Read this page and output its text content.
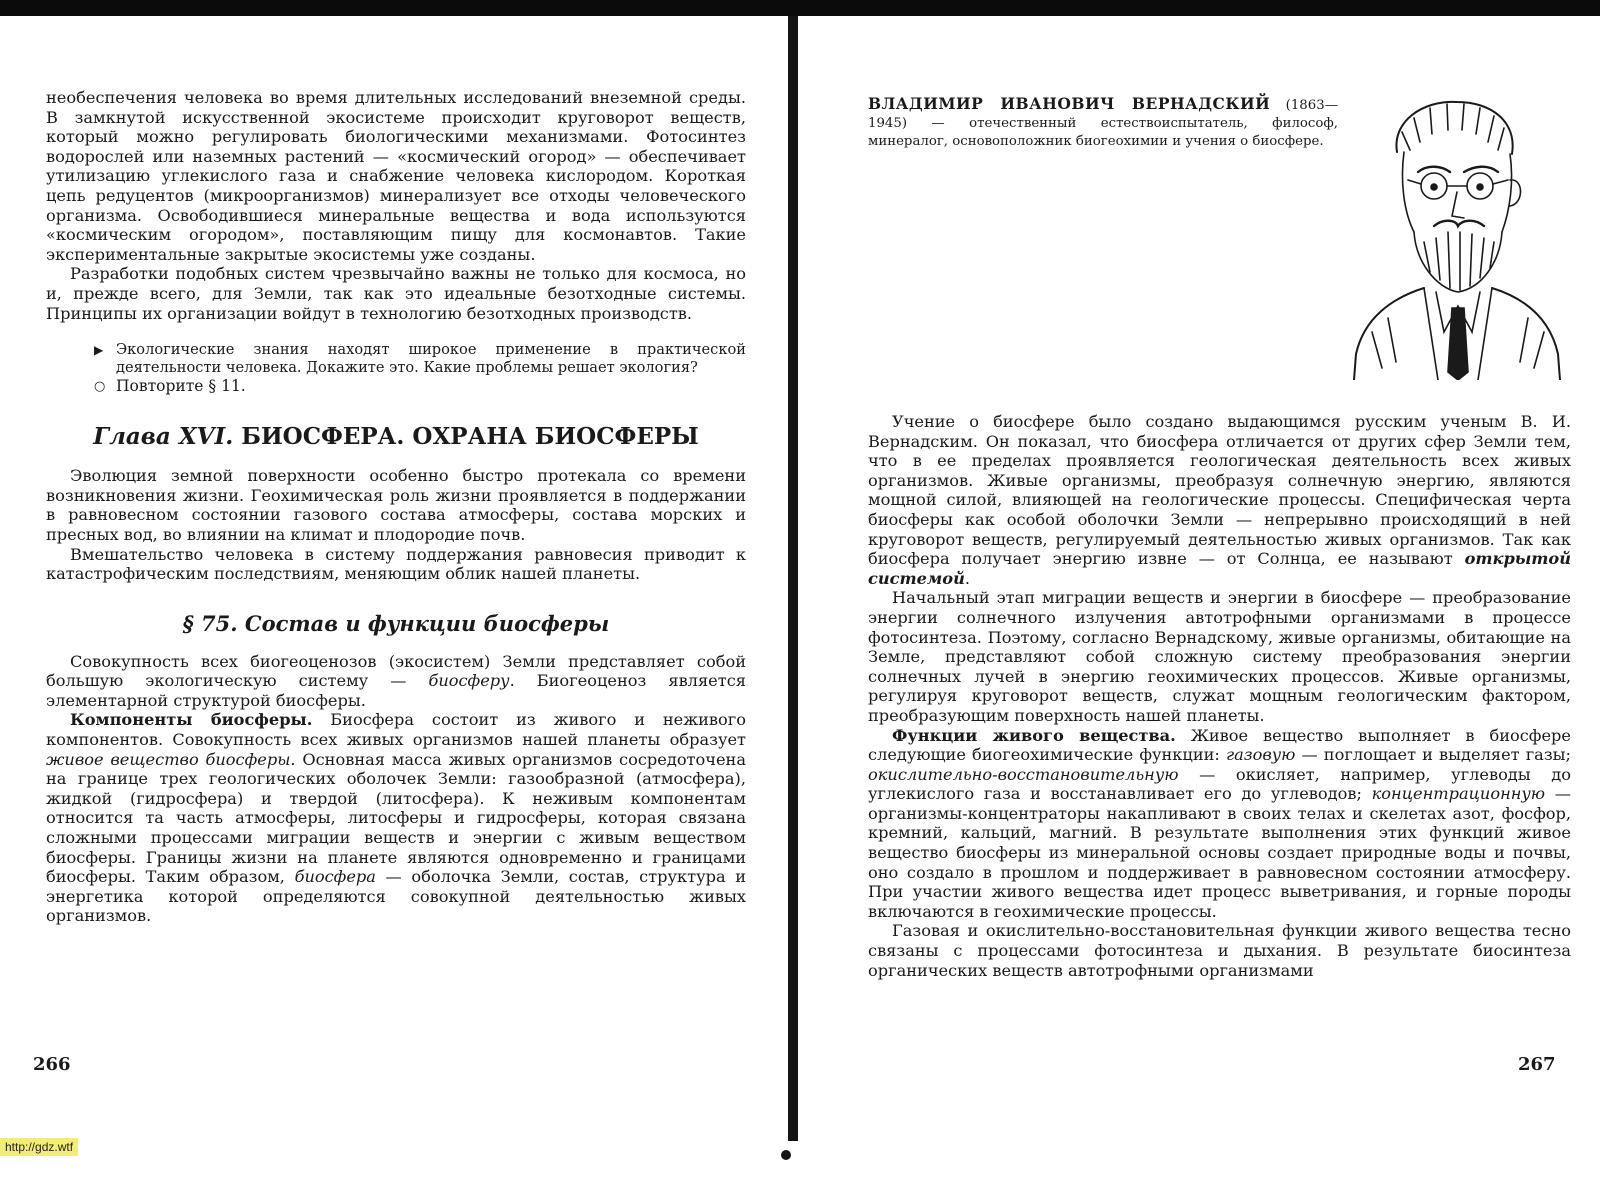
необеспечения человека во время длительных исследований внеземной среды. В замкнутой искусственной экосистеме происходит круговорот веществ, который можно регулировать биологическими механизмами. Фотосинтез водорослей или наземных растений — «космический огород» — обеспечивает утилизацию углекислого газа и снабжение человека кислородом. Короткая цепь редуцентов (микроорганизмов) минерализует все отходы человеческого организма. Освободившиеся минеральные вещества и вода используются «космическим огородом», поставляющим пищу для космонавтов. Такие экспериментальные закрытые экосистемы уже созданы.

Разработки подобных систем чрезвычайно важны не только для космоса, но и, прежде всего, для Земли, так как это идеальные безотходные системы. Принципы их организации войдут в технологию безотходных производств.

▶ Экологические знания находят широкое применение в практической деятельности человека. Докажите это. Какие проблемы решает экология?
○ Повторите § 11.
Глава XVI. БИОСФЕРА. ОХРАНА БИОСФЕРЫ

Эволюция земной поверхности особенно быстро протекала со времени возникновения жизни. Геохимическая роль жизни проявляется в поддержании в равновесном состоянии газового состава атмосферы, состава морских и пресных вод, во влиянии на климат и плодородие почв.

Вмешательство человека в систему поддержания равновесия приводит к катастрофическим последствиям, меняющим облик нашей планеты.

§ 75. Состав и функции биосферы

Совокупность всех биогеоценозов (экосистем) Земли представляет собой большую экологическую систему — биосферу. Биогеоценоз является элементарной структурой биосферы.

Компоненты биосферы. Биосфера состоит из живого и неживого компонентов. Совокупность всех живых организмов нашей планеты образует живое вещество биосферы. Основная масса живых организмов сосредоточена на границе трех геологических оболочек Земли: газообразной (атмосфера), жидкой (гидросфера) и твердой (литосфера). К неживым компонентам относится та часть атмосферы, литосферы и гидросферы, которая связана сложными процессами миграции веществ и энергии с живым веществом биосферы. Границы жизни на планете являются одновременно и границами биосферы. Таким образом, биосфера — оболочка Земли, состав, структура и энергетика которой определяются совокупной деятельностью живых организмов.

266
ВЛАДИМИР ИВАНОВИЧ ВЕРНАДСКИЙ (1863—1945) — отечественный естествоиспытатель, философ, минералог, основоположник биогеохимии и учения о биосфере.

Учение о биосфере было создано выдающимся русским ученым В. И. Вернадским. Он показал, что биосфера отличается от других сфер Земли тем, что в ее пределах проявляется геологическая деятельность всех живых организмов. Живые организмы, преобразуя солнечную энергию, являются мощной силой, влияющей на геологические процессы. Специфическая черта биосферы как особой оболочки Земли — непрерывно происходящий в ней круговорот веществ, регулируемый деятельностью живых организмов. Так как биосфера получает энергию извне — от Солнца, ее называют открытой системой.

Начальный этап миграции веществ и энергии в биосфере — преобразование энергии солнечного излучения автотрофными организмами в процессе фотосинтеза. Поэтому, согласно Вернадскому, живые организмы, обитающие на Земле, представляют собой сложную систему преобразования энергии солнечных лучей в энергию геохимических процессов. Живые организмы, регулируя круговорот веществ, служат мощным геологическим фактором, преобразующим поверхность нашей планеты.

Функции живого вещества. Живое вещество выполняет в биосфере следующие биогеохимические функции: газовую — поглощает и выделяет газы; окислительно-восстановительную — окисляет, например, углеводы до углекислого газа и восстанавливает его до углеводов; концентрационную — организмы-концентраторы накапливают в своих телах и скелетах азот, фосфор, кремний, кальций, магний. В результате выполнения этих функций живое вещество биосферы из минеральной основы создает природные воды и почвы, оно создало в прошлом и поддерживает в равновесном состоянии атмосферу. При участии живого вещества идет процесс выветривания, и горные породы включаются в геохимические процессы.

Газовая и окислительно-восстановительная функции живого вещества тесно связаны с процессами фотосинтеза и дыхания. В результате биосинтеза органических веществ автотрофными организмами

267
http://gdz.wtf
